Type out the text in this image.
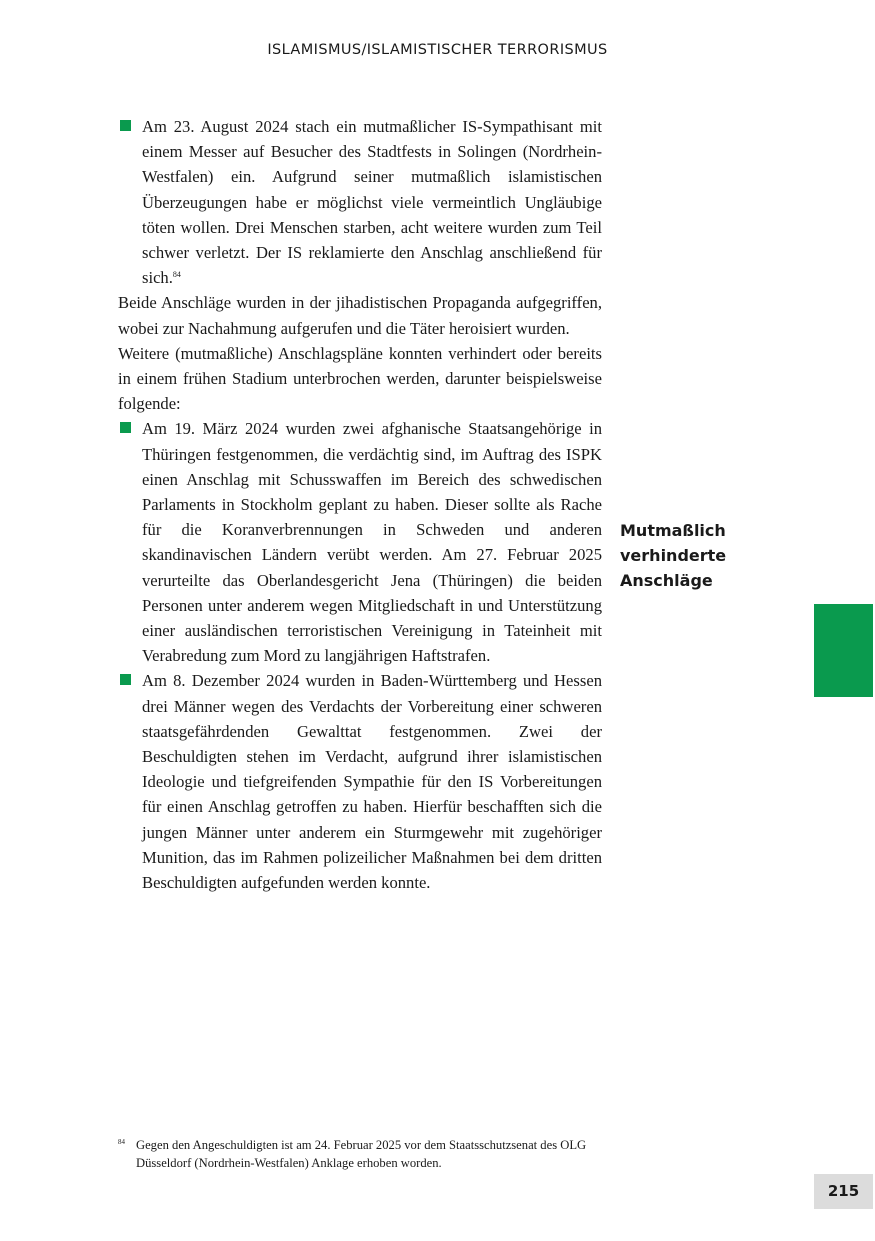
ISLAMISMUS/ISLAMISTISCHER TERRORISMUS
Am 23. August 2024 stach ein mutmaßlicher IS-Sympathisant mit einem Messer auf Besucher des Stadtfests in Solingen (Nordrhein-Westfalen) ein. Aufgrund seiner mutmaßlich islamistischen Überzeugungen habe er möglichst viele vermeintlich Ungläubige töten wollen. Drei Menschen starben, acht weitere wurden zum Teil schwer verletzt. Der IS reklamierte den Anschlag anschließend für sich.$^{84}$

Beide Anschläge wurden in der jihadistischen Propaganda aufgegriffen, wobei zur Nachahmung aufgerufen und die Täter heroisiert wurden.

Weitere (mutmaßliche) Anschlagspläne konnten verhindert oder bereits in einem frühen Stadium unterbrochen werden, darunter beispielsweise folgende:

Am 19. März 2024 wurden zwei afghanische Staatsangehörige in Thüringen festgenommen, die verdächtig sind, im Auftrag des ISPK einen Anschlag mit Schusswaffen im Bereich des schwedischen Parlaments in Stockholm geplant zu haben. Dieser sollte als Rache für die Koranverbrennungen in Schweden und anderen skandinavischen Ländern verübt werden. Am 27. Februar 2025 verurteilte das Oberlandesgericht Jena (Thüringen) die beiden Personen unter anderem wegen Mitgliedschaft in und Unterstützung einer ausländischen terroristischen Vereinigung in Tateinheit mit Verabredung zum Mord zu langjährigen Haftstrafen.
Am 8. Dezember 2024 wurden in Baden-Württemberg und Hessen drei Männer wegen des Verdachts der Vorbereitung einer schweren staatsgefährdenden Gewalttat festgenommen. Zwei der Beschuldigten stehen im Verdacht, aufgrund ihrer islamistischen Ideologie und tiefgreifenden Sympathie für den IS Vorbereitungen für einen Anschlag getroffen zu haben. Hierfür beschafften sich die jungen Männer unter anderem ein Sturmgewehr mit zugehöriger Munition, das im Rahmen polizeilicher Maßnahmen bei dem dritten Beschuldigten aufgefunden werden konnte.
Mutmaßlich
verhinderte
Anschläge
84 Gegen den Angeschuldigten ist am 24. Februar 2025 vor dem Staatsschutzsenat des OLG Düsseldorf (Nordrhein-Westfalen) Anklage erhoben worden.
215
